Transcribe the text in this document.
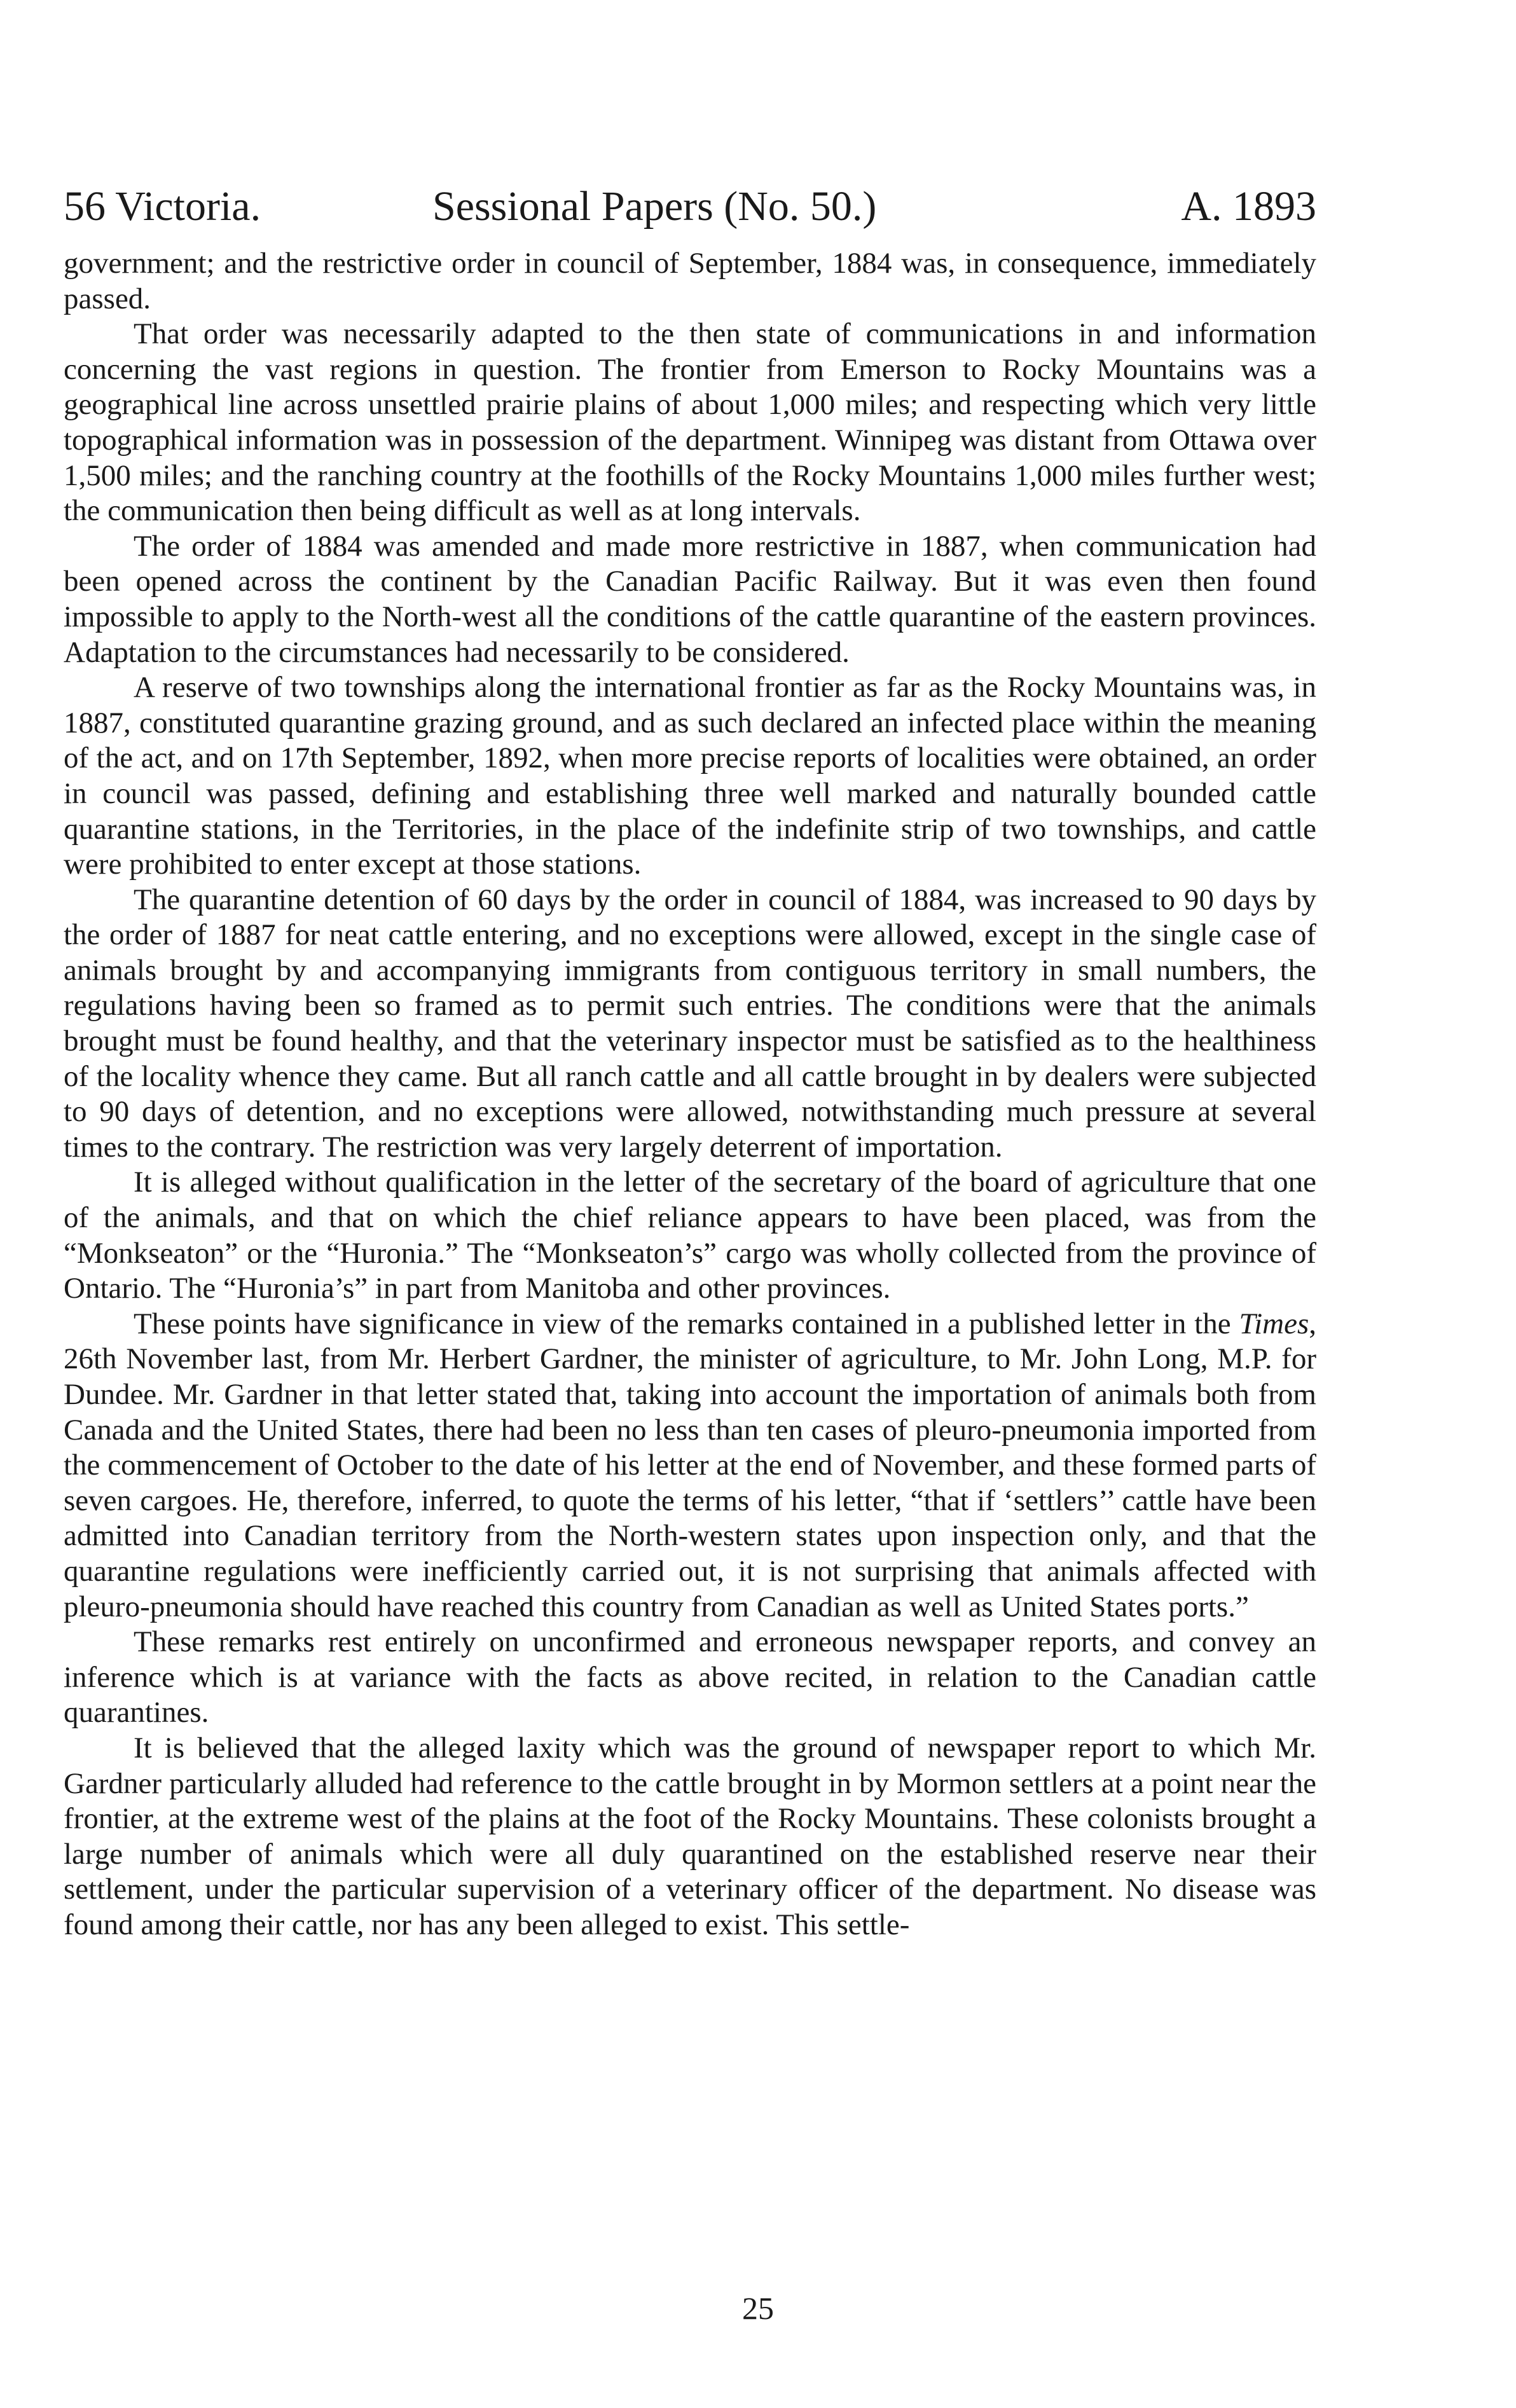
56 Victoria.	Sessional Papers (No. 50.)	A. 1893

government; and the restrictive order in council of September, 1884 was, in consequence, immediately passed.

That order was necessarily adapted to the then state of communications in and information concerning the vast regions in question. The frontier from Emerson to Rocky Mountains was a geographical line across unsettled prairie plains of about 1,000 miles; and respecting which very little topographical information was in possession of the department. Winnipeg was distant from Ottawa over 1,500 miles; and the ranching country at the foothills of the Rocky Mountains 1,000 miles further west; the communication then being difficult as well as at long intervals.

The order of 1884 was amended and made more restrictive in 1887, when communication had been opened across the continent by the Canadian Pacific Railway. But it was even then found impossible to apply to the North-west all the conditions of the cattle quarantine of the eastern provinces. Adaptation to the circumstances had necessarily to be considered.

A reserve of two townships along the international frontier as far as the Rocky Mountains was, in 1887, constituted quarantine grazing ground, and as such declared an infected place within the meaning of the act, and on 17th September, 1892, when more precise reports of localities were obtained, an order in council was passed, defining and establishing three well marked and naturally bounded cattle quarantine stations, in the Territories, in the place of the indefinite strip of two townships, and cattle were prohibited to enter except at those stations.

The quarantine detention of 60 days by the order in council of 1884, was increased to 90 days by the order of 1887 for neat cattle entering, and no exceptions were allowed, except in the single case of animals brought by and accompanying immigrants from contiguous territory in small numbers, the regulations having been so framed as to permit such entries. The conditions were that the animals brought must be found healthy, and that the veterinary inspector must be satisfied as to the healthiness of the locality whence they came. But all ranch cattle and all cattle brought in by dealers were subjected to 90 days of detention, and no exceptions were allowed, notwithstanding much pressure at several times to the contrary. The restriction was very largely deterrent of importation.

It is alleged without qualification in the letter of the secretary of the board of agriculture that one of the animals, and that on which the chief reliance appears to have been placed, was from the “Monkseaton” or the “Huronia.” The “Monkseaton’s” cargo was wholly collected from the province of Ontario. The “Huronia’s” in part from Manitoba and other provinces.

These points have significance in view of the remarks contained in a published letter in the Times, 26th November last, from Mr. Herbert Gardner, the minister of agriculture, to Mr. John Long, M.P. for Dundee. Mr. Gardner in that letter stated that, taking into account the importation of animals both from Canada and the United States, there had been no less than ten cases of pleuro-pneumonia imported from the commencement of October to the date of his letter at the end of November, and these formed parts of seven cargoes. He, therefore, inferred, to quote the terms of his letter, “that if ‘settlers’’ cattle have been admitted into Canadian territory from the North-western states upon inspection only, and that the quarantine regulations were inefficiently carried out, it is not surprising that animals affected with pleuro-pneumonia should have reached this country from Canadian as well as United States ports.”

These remarks rest entirely on unconfirmed and erroneous newspaper reports, and convey an inference which is at variance with the facts as above recited, in relation to the Canadian cattle quarantines.

It is believed that the alleged laxity which was the ground of newspaper report to which Mr. Gardner particularly alluded had reference to the cattle brought in by Mormon settlers at a point near the frontier, at the extreme west of the plains at the foot of the Rocky Mountains. These colonists brought a large number of animals which were all duly quarantined on the established reserve near their settlement, under the particular supervision of a veterinary officer of the department. No disease was found among their cattle, nor has any been alleged to exist. This settle-

25
